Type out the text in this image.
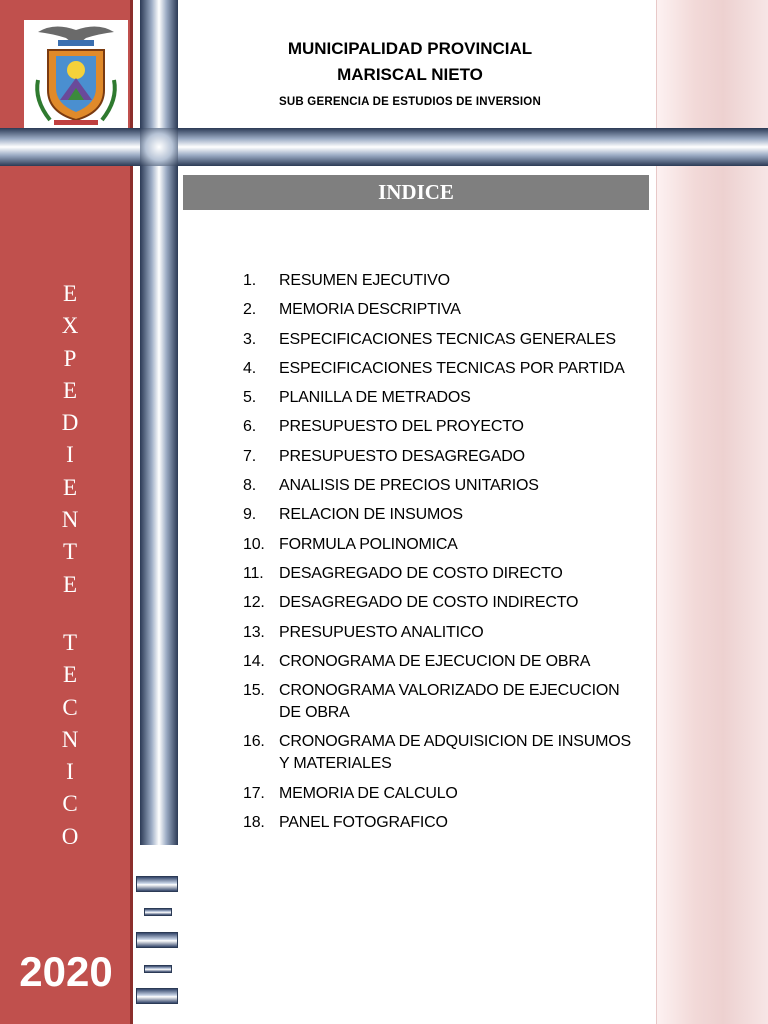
E
X
P
E
D
I
E
N
T
E
T
E
C
N
I
C
O
2020
MUNICIPALIDAD PROVINCIAL
MARISCAL NIETO
SUB GERENCIA DE ESTUDIOS DE INVERSION
INDICE
1.	RESUMEN EJECUTIVO
2.	MEMORIA DESCRIPTIVA
3.	ESPECIFICACIONES TECNICAS GENERALES
4.	ESPECIFICACIONES TECNICAS POR PARTIDA
5.	PLANILLA DE METRADOS
6.	PRESUPUESTO DEL PROYECTO
7.	PRESUPUESTO DESAGREGADO
8.	ANALISIS DE PRECIOS UNITARIOS
9.	RELACION DE INSUMOS
10. FORMULA POLINOMICA
11. DESAGREGADO DE COSTO DIRECTO
12. DESAGREGADO DE COSTO INDIRECTO
13. PRESUPUESTO ANALITICO
14. CRONOGRAMA DE EJECUCION DE OBRA
15. CRONOGRAMA VALORIZADO DE EJECUCION DE OBRA
16. CRONOGRAMA DE ADQUISICION DE INSUMOS Y MATERIALES
17. MEMORIA DE CALCULO
18. PANEL FOTOGRAFICO
